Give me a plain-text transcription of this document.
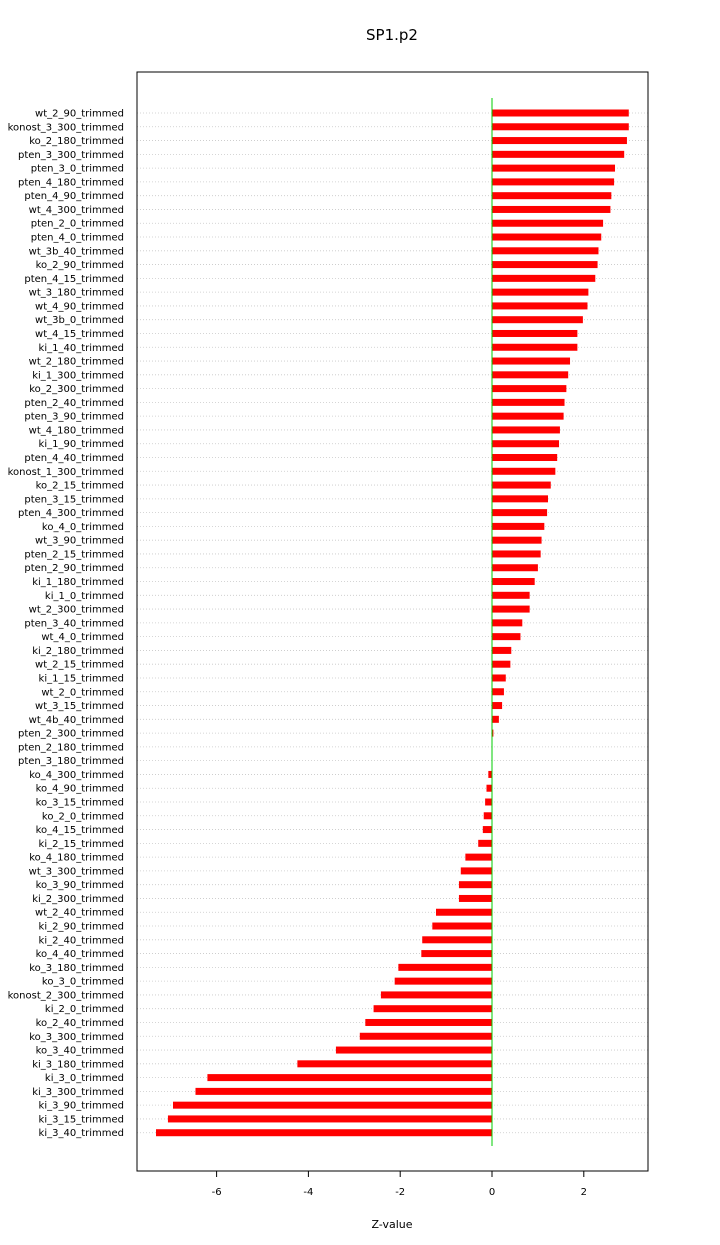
SP1.p2
wt_2_90_trimmed
konost_3_300_trimmed
ko_2_180_trimmed
pten_3_300_trimmed
pten_3_0_trimmed
pten_4_180_trimmed
pten_4_90_trimmed
wt_4_300_trimmed
pten_2_0_trimmed
pten_4_0_trimmed
wt_3b_40_trimmed
ko_2_90_trimmed
pten_4_15_trimmed
wt_3_180_trimmed
wt_4_90_trimmed
wt_3b_0_trimmed
wt_4_15_trimmed
ki_1_40_trimmed
wt_2_180_trimmed
ki_1_300_trimmed
ko_2_300_trimmed
pten_2_40_trimmed
pten_3_90_trimmed
wt_4_180_trimmed
ki_1_90_trimmed
pten_4_40_trimmed
konost_1_300_trimmed
ko_2_15_trimmed
pten_3_15_trimmed
pten_4_300_trimmed
ko_4_0_trimmed
wt_3_90_trimmed
pten_2_15_trimmed
pten_2_90_trimmed
ki_1_180_trimmed
ki_1_0_trimmed
wt_2_300_trimmed
pten_3_40_trimmed
wt_4_0_trimmed
ki_2_180_trimmed
wt_2_15_trimmed
ki_1_15_trimmed
wt_2_0_trimmed
wt_3_15_trimmed
wt_4b_40_trimmed
pten_2_300_trimmed
pten_2_180_trimmed
pten_3_180_trimmed
ko_4_300_trimmed
ko_4_90_trimmed
ko_3_15_trimmed
ko_2_0_trimmed
ko_4_15_trimmed
ki_2_15_trimmed
ko_4_180_trimmed
wt_3_300_trimmed
ko_3_90_trimmed
ki_2_300_trimmed
wt_2_40_trimmed
ki_2_90_trimmed
ki_2_40_trimmed
ko_4_40_trimmed
ko_3_180_trimmed
ko_3_0_trimmed
konost_2_300_trimmed
ki_2_0_trimmed
ko_2_40_trimmed
ko_3_300_trimmed
ko_3_40_trimmed
ki_3_180_trimmed
ki_3_0_trimmed
ki_3_300_trimmed
ki_3_90_trimmed
ki_3_15_trimmed
ki_3_40_trimmed
-6	-4	-2	0	2
Z-value
